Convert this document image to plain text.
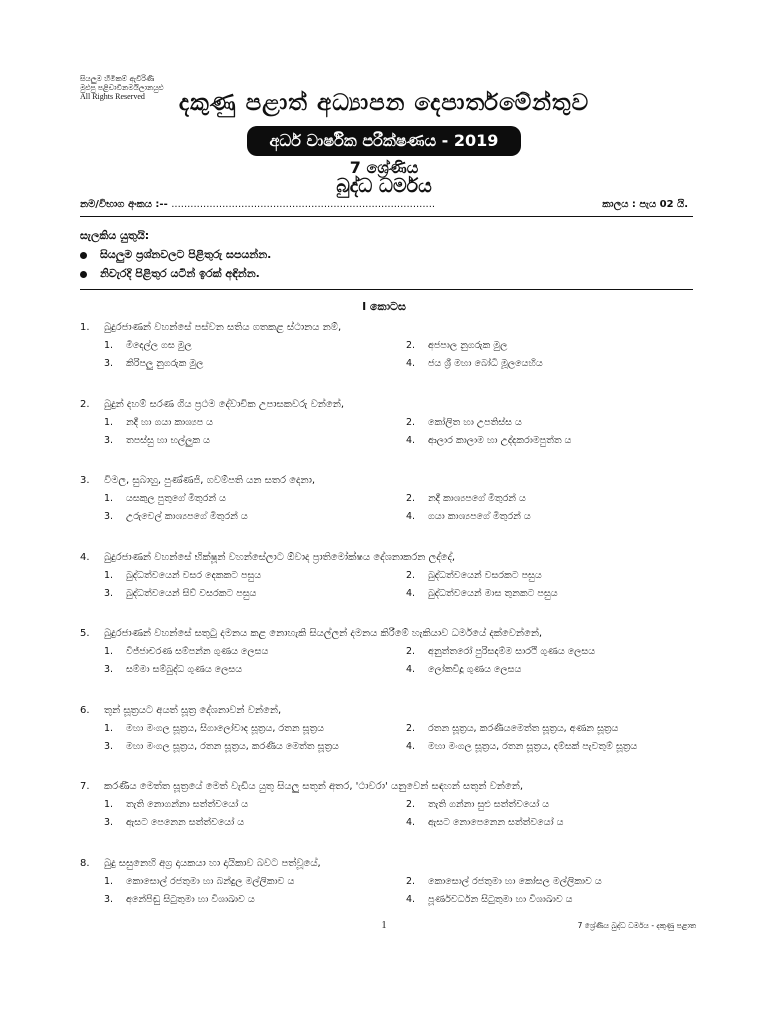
සියලුම හිමිකම් ඇවිරිණි
මුළුපු පළිචාවිනමයිලානයුළු
All Rights Reserved	දකුණු පළාත් අධ්‍යාපන දෙපාර්තමේන්තුව
අර්ධ වාර්ෂික පරීක්ෂණය - 2019
7 ශ්‍රේණිය
බුද්ධ ධර්මය
නම/විභාග අංකය :-- ...................................................................................	කාලය : පැය 02 යි.
සැලකිය යුතුයි:
සියලුම ප්‍රශ්නවලට පිළිතුරු සපයන්න.
නිවැරදි පිළිතුර යටින් ඉරක් අඳින්න.
I කොටස
1. බුදුරජාණන් වහන්සේ පස්වන සතිය ගතකළ ස්ථානය නම්,
1. මිදෙල්ල ගස මුල	2. අජපාල නුගරුක මුල
3. කිරිපලු නුගරුක මුල	4. ජය ශ්‍රී මහා බෝධි මූලයෙහිය
2. බුදුන් දහම් සරණ ගිය ප්‍රථම දේවාචික උපාසකවරු වන්නේ,
1. නදී හා ගයා කාශ්‍යප ය	2. කෝලිත හා උපතිස්ස ය
3. තපස්සු හා භල්ලුක ය	4. ආලාර කාලාම හා උද්දකරාමපුත්ත ය
3. විමල, සුබාහු, පුණ්ණජි, ගවම්පති යන සතර දෙනා,
1. යසකුල පුතුගේ මිතුරන් ය	2. නදී කාශ්‍යපගේ මිතුරන් ය
3. උරුවෙල් කාශ්‍යපගේ මිතුරන් ය	4. ගයා කාශ්‍යපගේ මිතුරන් ය
4. බුදුරජාණන් වහන්සේ භික්ෂූන් වහන්සේලාට ඕවාද ප්‍රාතිමෝක්ෂය දේශනාකරන ලද්දේ,
1. බුද්ධත්වයෙන් වසර දෙකකට පසුය	2. බුද්ධත්වයෙන් වසරකට පසුය
3. බුද්ධත්වයෙන් සිව් වසරකට පසුය	4. බුද්ධත්වයෙන් මාස තුනකට පසුය
5. බුදුරජාණන් වහන්සේ සතුටු දමනය කළ නොහැකි සියල්ලන් දමනය කිරීමේ හැකියාව ධර්මයේ දක්වෙන්නේ,
1. විජ්ජාචරණ සම්පන්න ගුණය ලෙසය	2. අනුත්තරෝ පුරිසදම්ම සාරථි ගුණය ලෙසය
3. සම්මා සම්බුද්ධ ගුණය ලෙසය	4. ලෝකවිදූ ගුණය ලෙසය
6. තුන් සූත්‍රයට අයත් සූත්‍ර දේශනාවන් වන්නේ,
1. මහා මංගල සූත්‍රය, සිගාලෝවාද සූත්‍රය, රතන සූත්‍රය	2. රතන සූත්‍රය, කරණීයමෙත්ත සූත්‍රය, අණන සූත්‍රය
3. මහා මංගල සූත්‍රය, රතන සූත්‍රය, කරණීය මෙත්ත සූත්‍රය	4. මහා මංගල සූත්‍රය, රතන සූත්‍රය, දම්සක් පැවතුම් සූත්‍රය
7. කරණීය මෙත්ත සූත්‍රයේ මෙත් වැඩිය යුතු සියලු සතුන් අතර, 'ථාවරා' යනුවෙන් සඳහන් සතුන් වන්නේ,
1. තැති නොගන්නා සත්ත්වයෝ ය	2. තැති ගන්නා සුළු සත්ත්වයෝ ය
3. ඇසට පෙනෙන සත්ත්වයෝ ය	4. ඇසට නොපෙනෙන සත්ත්වයෝ ය
8. බුදු සසුනෙහි අග්‍ර දායකයා හා දායිකාව බවට පත්වූයේ,
1. කොසොල් රජතුමා හා බන්දුල මල්ලිකාව ය	2. කොසොල් රජතුමා හා කෝසල මල්ලිකාව ය
3. අනේපිඬු සිටුතුමා හා විශාඛාව ය	4. පූර්ණවර්ධන සිටුතුමා හා විශාඛාව ය
1	7 ශ්‍රේණිය බුද්ධ ධර්මය - දකුණු පළාත
